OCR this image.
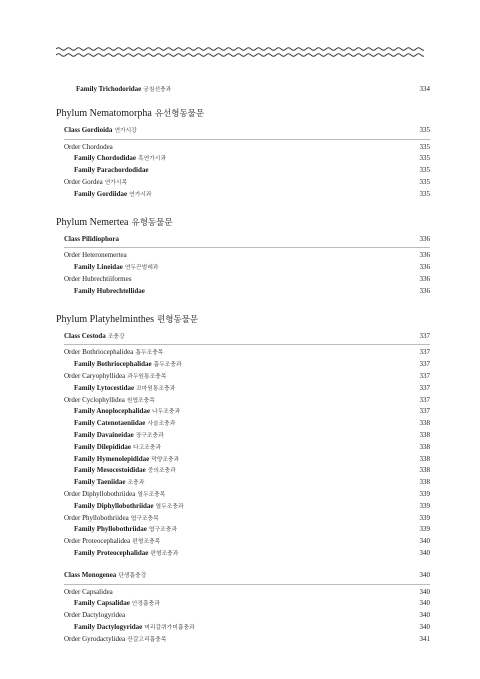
Family Trichodoridae 궁침선충과	334
Phylum Nematomorpha 유선형동물문
Class Gordioida 연가시강	335
Order Chordodea	335
Family Chordodidae 흑연가시과	335
Family Parachordodidae	335
Order Gordea 연가시목	335
Family Gordiidae 연가시과	335
Phylum Nemertea 유형동물문
Class Pilidiophora	336
Order Heteronemertea	336
Family Lineidae 연두끈벌레과	336
Order Hubrechtiiformes	336
Family Hubrechtellidae	336
Phylum Platyhelminthes 편형동물문
Class Cestoda 조충강	337
Order Bothriocephalidea 흡두조충목	337
Family Bothriocephalidae 흡두조충과	337
Order Caryophyllidea 과두원통조충목	337
Family Lytocestidae 꼬마원통조충과	337
Order Cyclophyllidea 원엽조충목	337
Family Anoplocephalidae 나두조충과	337
Family Catenotaeniidae 사슬조충과	338
Family Davaineidae 장구조충과	338
Family Dilepididae 다고조충과	338
Family Hymenolepididae 막양조충과	338
Family Mesocestoididae 중의조충과	338
Family Taeniidae 조충과	338
Order Diphyllobothriidea 열두조충목	339
Family Diphyllobothriidae 열두조충과	339
Order Phyllobothriidea 엽구조충목	339
Family Phyllobothriidae 엽구조충과	339
Order Proteocephalidea 편형조충목	340
Family Proteocephalidae 편형조충과	340
Class Monogenea 단생흡충강	340
Order Capsalidea	340
Family Capsalidae 안경흡충과	340
Order Dactylogyridea	340
Family Dactylogyridae 머리갈퀴가미흡충과	340
Order Gyrodactylidea 잔갈고리흡충목	341
